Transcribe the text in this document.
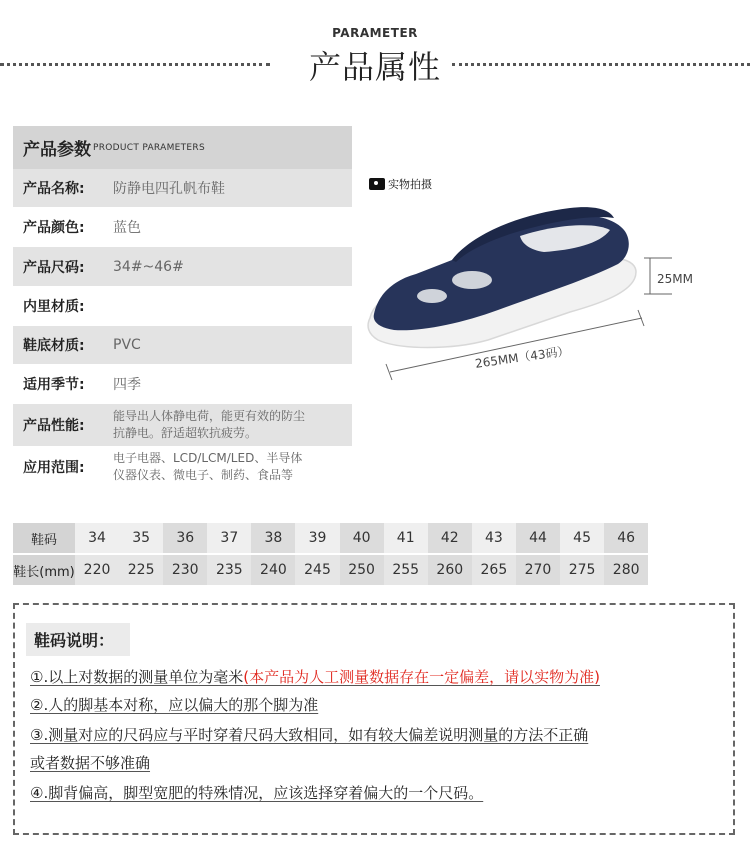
PARAMETER
产品属性
产品参数 PRODUCT PARAMETERS
产品名称:	防静电四孔帆布鞋
产品颜色:	蓝色
产品尺码:	34#~46#
内里材质:
鞋底材质:	PVC
适用季节:	四季
产品性能:
能导出人体静电荷，能更有效的防尘
抗静电。舒适超软抗疲劳。
应用范围:
电子电器、LCD/LCM/LED、半导体
仪器仪表、微电子、制药、食品等
实物拍摄
25MM
265MM（43码）
鞋码	34	35	36	37	38	39	40	41	42	43	44	45	46
鞋长(mm)	220	225	230	235	240	245	250	255	260	265	270	275	280
鞋码说明：
①.以上对数据的测量单位为毫米(本产品为人工测量数据存在一定偏差，请以实物为准)
②.人的脚基本对称，应以偏大的那个脚为准
③.测量对应的尺码应与平时穿着尺码大致相同，如有较大偏差说明测量的方法不正确
或者数据不够准确
④.脚背偏高，脚型宽肥的特殊情况，应该选择穿着偏大的一个尺码。
